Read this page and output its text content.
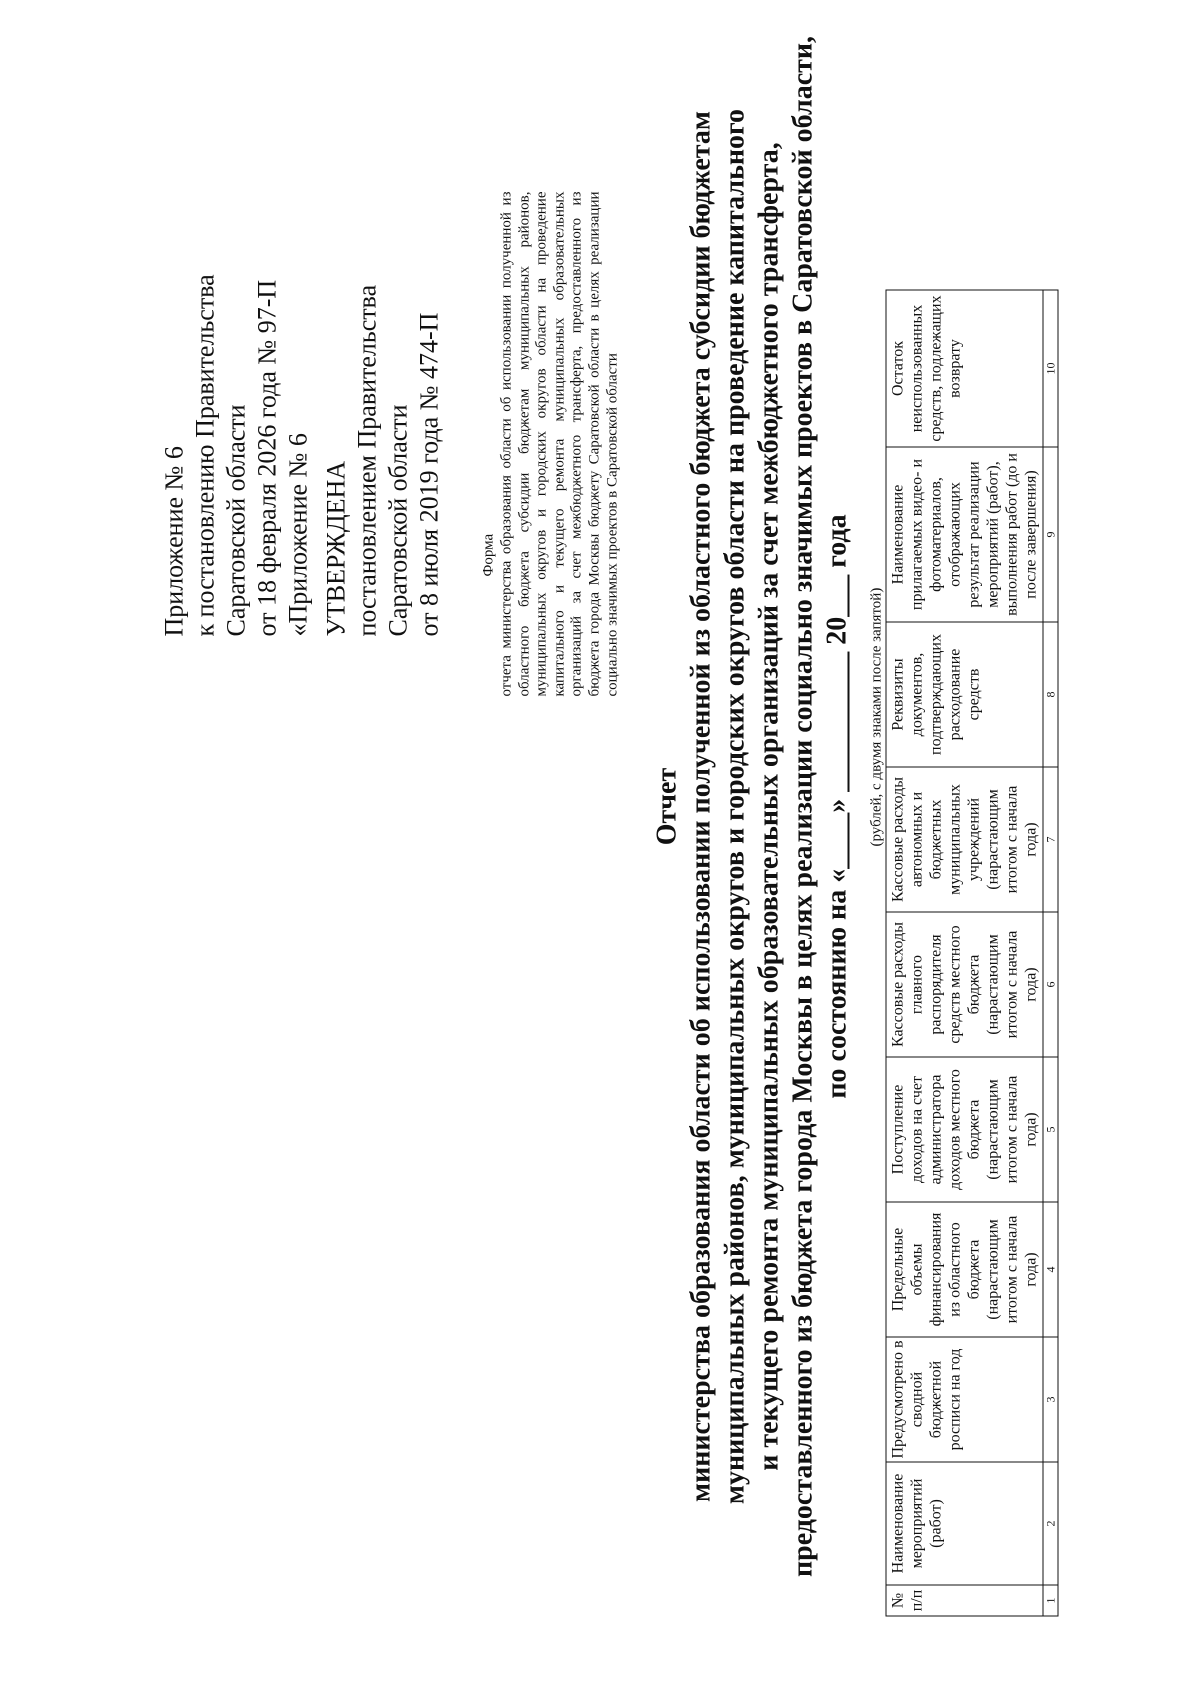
Приложение № 6 к постановлению Правительства Саратовской области от 18 февраля 2026 года № 97-П «Приложение № 6 УТВЕРЖДЕНА постановлением Правительства Саратовской области от 8 июля 2019 года № 474-П Форма отчета министерства образования области об использовании полученной из областного бюджета субсидии бюджетам муниципальных районов, муниципальных округов и городских округов области на проведение капитального и текущего ремонта муниципальных образовательных организаций за счет межбюджетного трансферта, предоставленного из бюджета города Москвы бюджету Саратовской области в целях реализации социально значимых проектов в Саратовской области
Отчет министерства образования области об использовании полученной из областного бюджета субсидии бюджетам муниципальных районов, муниципальных округов и городских округов области на проведение капитального и текущего ремонта муниципальных образовательных организаций за счет межбюджетного трансферта, предоставленного из бюджета города Москвы в целях реализации социально значимых проектов в Саратовской области, по состоянию на «____» __________ 20___ года (рублей, с двумя знаками после запятой)
№ п/п	Наименование мероприятий (работ)	Предусмотрено в сводной бюджетной росписи на год	Предельные объемы финансирования из областного бюджета (нарастающим итогом с начала года)	Поступление доходов на счет администратора доходов местного бюджета (нарастающим итогом с начала года)	Кассовые расходы главного распорядителя средств местного бюджета (нарастающим итогом с начала года)	Кассовые расходы автономных и бюджетных муниципальных учреждений (нарастающим итогом с начала года)	Реквизиты документов, подтверждающих расходование средств	Наименование прилагаемых видео- и фотоматериалов, отображающих результат реализации мероприятий (работ), выполнения работ (до и после завершения)	Остаток неиспользованных средств, подлежащих возврату
1	2	3	4	5	6	7	8	9	10
